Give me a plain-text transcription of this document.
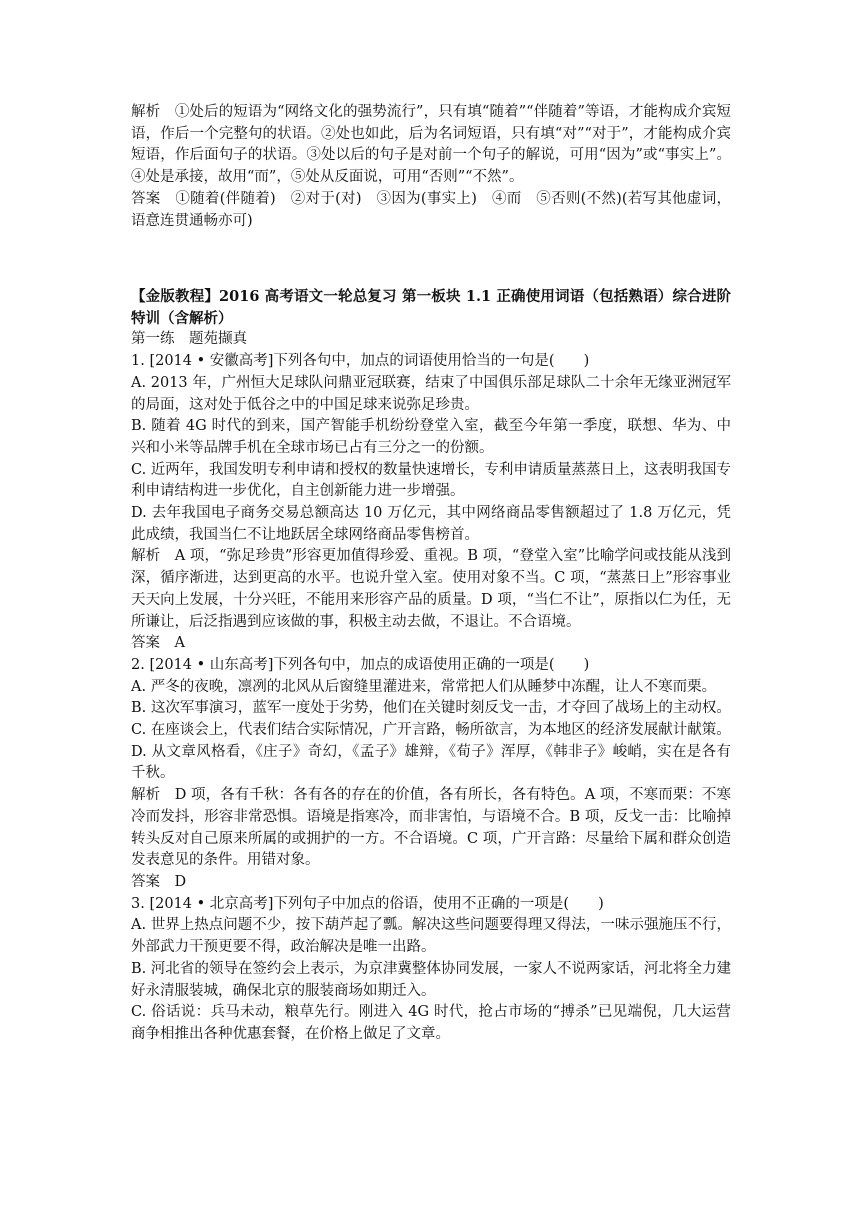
解析　①处后的短语为“网络文化的强势流行”，只有填“随着”“伴随着”等语，才能构成介宾短语，作后一个完整句的状语。②处也如此，后为名词短语，只有填“对”“对于”，才能构成介宾短语，作后面句子的状语。③处以后的句子是对前一个句子的解说，可用“因为”或“事实上”。④处是承接，故用“而”，⑤处从反面说，可用“否则”“不然”。

答案　①随着(伴随着)　②对于(对)　③因为(事实上)　④而　⑤否则(不然)(若写其他虚词，语意连贯通畅亦可)

【金版教程】2016 高考语文一轮总复习 第一板块 1.1 正确使用词语（包括熟语）综合进阶特训（含解析）

第一练　题苑撷真

1. [2014 • 安徽高考]下列各句中，加点的词语使用恰当的一句是(　　)

A. 2013 年，广州恒大足球队问鼎亚冠联赛，结束了中国俱乐部足球队二十余年无缘亚洲冠军的局面，这对处于低谷之中的中国足球来说弥足珍贵。

B. 随着 4G 时代的到来，国产智能手机纷纷登堂入室，截至今年第一季度，联想、华为、中兴和小米等品牌手机在全球市场已占有三分之一的份额。

C. 近两年，我国发明专利申请和授权的数量快速增长，专利申请质量蒸蒸日上，这表明我国专利申请结构进一步优化，自主创新能力进一步增强。

D. 去年我国电子商务交易总额高达 10 万亿元，其中网络商品零售额超过了 1.8 万亿元，凭此成绩，我国当仁不让地跃居全球网络商品零售榜首。

解析　A 项，“弥足珍贵”形容更加值得珍爱、重视。B 项，“登堂入室”比喻学问或技能从浅到深，循序渐进，达到更高的水平。也说升堂入室。使用对象不当。C 项，“蒸蒸日上”形容事业天天向上发展，十分兴旺，不能用来形容产品的质量。D 项，“当仁不让”，原指以仁为任，无所谦让，后泛指遇到应该做的事，积极主动去做，不退让。不合语境。

答案　A

2. [2014 • 山东高考]下列各句中，加点的成语使用正确的一项是(　　)

A. 严冬的夜晚，凛冽的北风从后窗缝里灌进来，常常把人们从睡梦中冻醒，让人不寒而栗。

B. 这次军事演习，蓝军一度处于劣势，他们在关键时刻反戈一击，才夺回了战场上的主动权。

C. 在座谈会上，代表们结合实际情况，广开言路，畅所欲言，为本地区的经济发展献计献策。

D. 从文章风格看，《庄子》奇幻，《孟子》雄辩，《荀子》浑厚，《韩非子》峻峭，实在是各有千秋。

解析　D 项，各有千秋：各有各的存在的价值，各有所长，各有特色。A 项，不寒而栗：不寒冷而发抖，形容非常恐惧。语境是指寒冷，而非害怕，与语境不合。B 项，反戈一击：比喻掉转头反对自己原来所属的或拥护的一方。不合语境。C 项，广开言路：尽量给下属和群众创造发表意见的条件。用错对象。

答案　D

3. [2014 • 北京高考]下列句子中加点的俗语，使用不正确的一项是(　　)

A. 世界上热点问题不少，按下葫芦起了瓢。解决这些问题要得理又得法，一味示强施压不行，外部武力干预更要不得，政治解决是唯一出路。

B. 河北省的领导在签约会上表示，为京津冀整体协同发展，一家人不说两家话，河北将全力建好永清服装城，确保北京的服装商场如期迁入。

C. 俗话说：兵马未动，粮草先行。刚进入 4G 时代，抢占市场的“搏杀”已见端倪，几大运营商争相推出各种优惠套餐，在价格上做足了文章。
